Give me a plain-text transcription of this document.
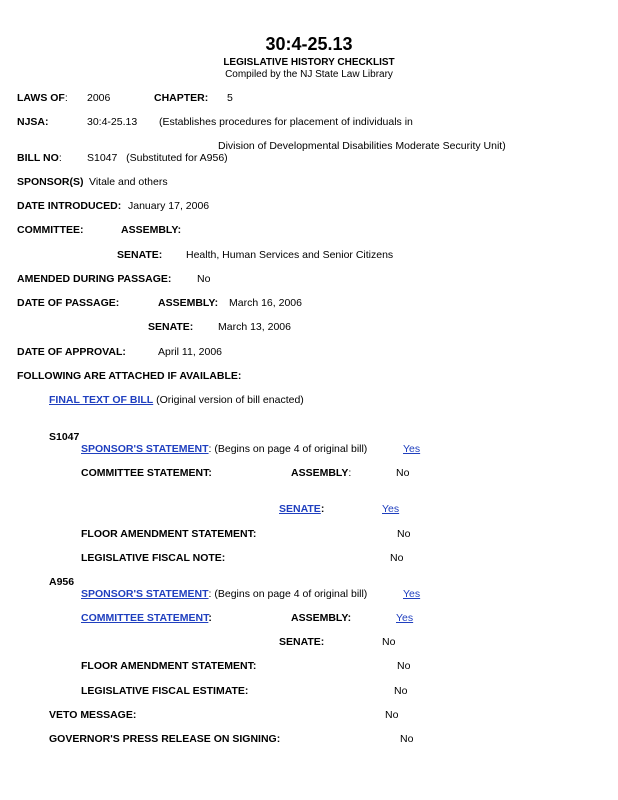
30:4-25.13
LEGISLATIVE HISTORY CHECKLIST
Compiled by the NJ State Law Library
LAWS OF: 2006	CHAPTER: 5
NJSA:	30:4-25.13 (Establishes procedures for placement of individuals in
Division of Developmental Disabilities Moderate Security Unit)
BILL NO: S1047   (Substituted for A956)
SPONSOR(S) Vitale and others
DATE INTRODUCED: January 17, 2006
COMMITTEE:	ASSEMBLY:
SENATE: Health, Human Services and Senior Citizens
AMENDED DURING PASSAGE: No
DATE OF PASSAGE:	ASSEMBLY: March 16, 2006
SENATE: March 13, 2006
DATE OF APPROVAL:	April 11, 2006
FOLLOWING ARE ATTACHED IF AVAILABLE:
FINAL TEXT OF BILL (Original version of bill enacted)
S1047
SPONSOR'S STATEMENT: (Begins on page 4 of original bill)	Yes
COMMITTEE STATEMENT:	ASSEMBLY:	No
SENATE:	Yes
FLOOR AMENDMENT STATEMENT:	No
LEGISLATIVE FISCAL NOTE:	No
A956
SPONSOR'S STATEMENT: (Begins on page 4 of original bill)	Yes
COMMITTEE STATEMENT:	ASSEMBLY:	Yes
SENATE:	No
FLOOR AMENDMENT STATEMENT:	No
LEGISLATIVE FISCAL ESTIMATE:	No
VETO MESSAGE:	No
GOVERNOR'S PRESS RELEASE ON SIGNING:	No
